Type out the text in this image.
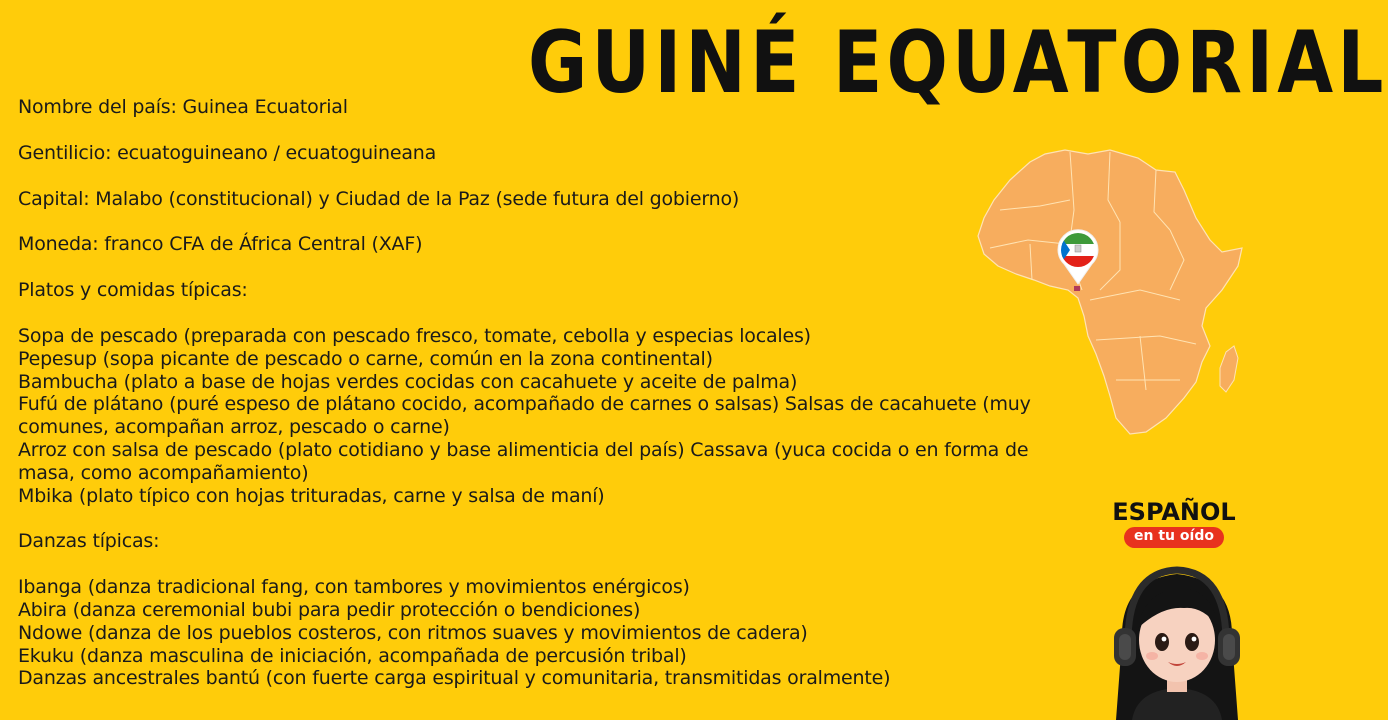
GUINÉ EQUATORIAL

Nombre del país: Guinea Ecuatorial

Gentilicio: ecuatoguineano / ecuatoguineana

Capital: Malabo (constitucional) y Ciudad de la Paz (sede futura del gobierno)

Moneda: franco CFA de África Central (XAF)

Platos y comidas típicas:

Sopa de pescado (preparada con pescado fresco, tomate, cebolla y especias locales)

Pepesup (sopa picante de pescado o carne, común en la zona continental)

Bambucha (plato a base de hojas verdes cocidas con cacahuete y aceite de palma)

Fufú de plátano (puré espeso de plátano cocido, acompañado de carnes o salsas) Salsas de cacahuete (muy

comunes, acompañan arroz, pescado o carne)

Arroz con salsa de pescado (plato cotidiano y base alimenticia del país) Cassava (yuca cocida o en forma de

masa, como acompañamiento)

Mbika (plato típico con hojas trituradas, carne y salsa de maní)

Danzas típicas:

Ibanga (danza tradicional fang, con tambores y movimientos enérgicos)

Abira (danza ceremonial bubi para pedir protección o bendiciones)

Ndowe (danza de los pueblos costeros, con ritmos suaves y movimientos de cadera)

Ekuku (danza masculina de iniciación, acompañada de percusión tribal)

Danzas ancestrales bantú (con fuerte carga espiritual y comunitaria, transmitidas oralmente)

ESPAÑOL
en tu oído
